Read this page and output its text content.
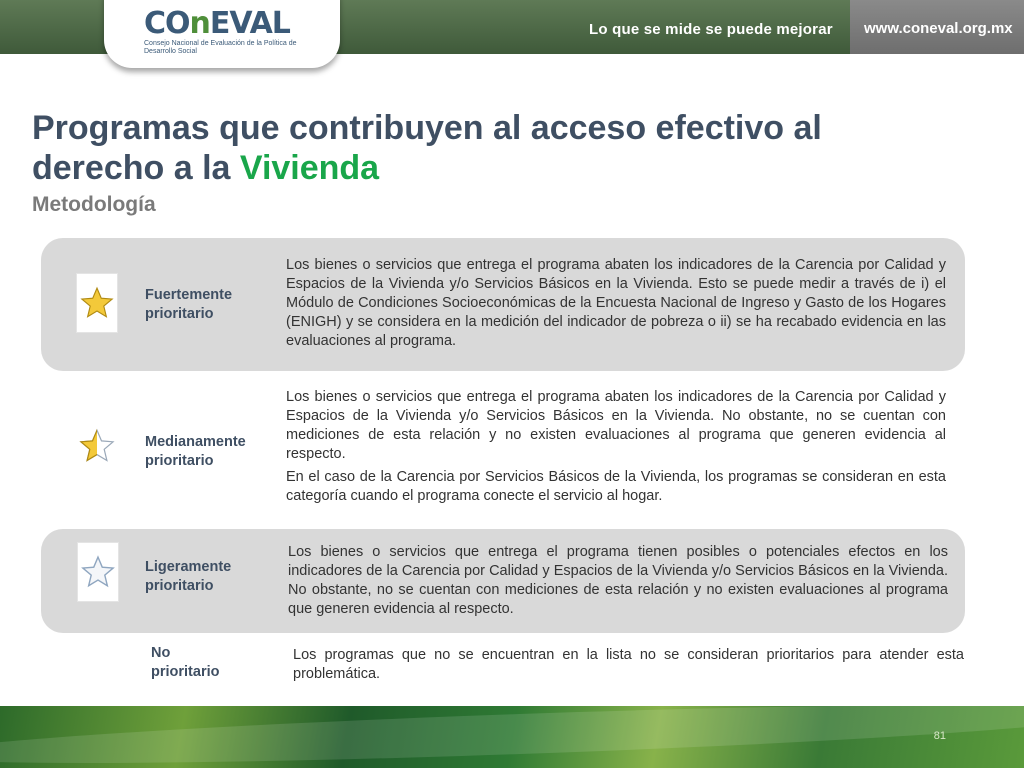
Lo que se mide se puede mejorar www.coneval.org.mx
COnEVAL
Consejo Nacional de Evaluación de la Política de Desarrollo Social
Programas que contribuyen al acceso efectivo al derecho a la Vivienda
Metodología
Fuertemente prioritario

Los bienes o servicios que entrega el programa abaten los indicadores de la Carencia por Calidad y Espacios de la Vivienda y/o Servicios Básicos en la Vivienda. Esto se puede medir a través de i) el Módulo de Condiciones Socioeconómicas de la Encuesta Nacional de Ingreso y Gasto de los Hogares (ENIGH) y se considera en la medición del indicador de pobreza o ii) se ha recabado evidencia en las evaluaciones al programa.

Medianamente prioritario

Los bienes o servicios que entrega el programa abaten los indicadores de la Carencia por Calidad y Espacios de la Vivienda y/o Servicios Básicos en la Vivienda. No obstante, no se cuentan con mediciones de esta relación y no existen evaluaciones al programa que generen evidencia al respecto.

En el caso de la Carencia por Servicios Básicos de la Vivienda, los programas se consideran en esta categoría cuando el programa conecte el servicio al hogar.

Ligeramente prioritario

Los bienes o servicios que entrega el programa tienen posibles o potenciales efectos en los indicadores de la Carencia por Calidad y Espacios de la Vivienda y/o Servicios Básicos en la Vivienda. No obstante, no se cuentan con mediciones de esta relación y no existen evaluaciones al programa que generen evidencia al respecto.

No prioritario

Los programas que no se encuentran en la lista no se consideran prioritarios para atender esta problemática.

81
